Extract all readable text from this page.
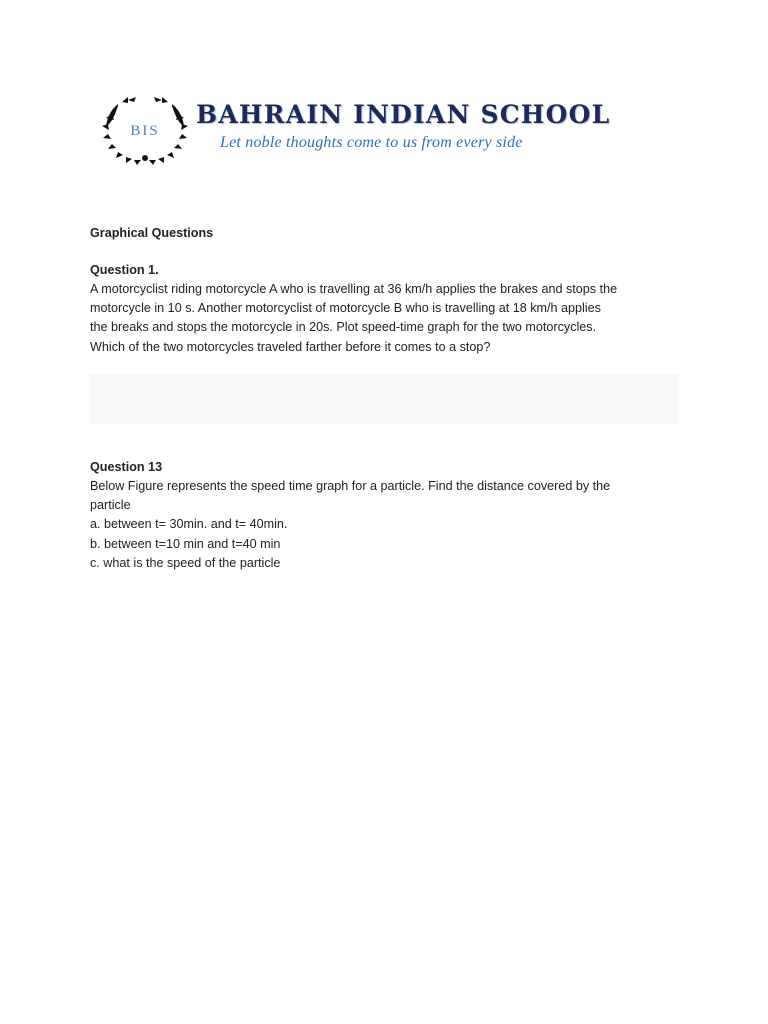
BIS
BAHRAIN INDIAN SCHOOL
Let noble thoughts come to us from every side
Graphical Questions
Question 1.
A motorcyclist riding motorcycle A who is travelling at 36 km/h applies the brakes and stops the
motorcycle in 10 s. Another motorcyclist of motorcycle B who is travelling at 18 km/h applies
the breaks and stops the motorcycle in 20s. Plot speed-time graph for the two motorcycles.
Which of the two motorcycles traveled farther before it comes to a stop?
Question 13
Below Figure represents the speed time graph for a particle. Find the distance covered by the
particle
a. between t= 30min. and t= 40min.
b. between t=10 min and t=40 min
c. what is the speed of the particle
